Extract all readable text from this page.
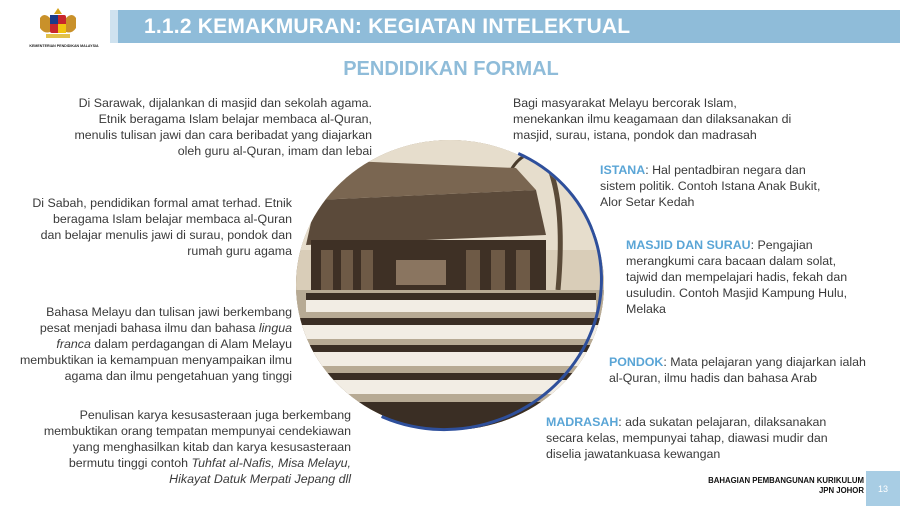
KEMENTERIAN PENDIDIKAN MALAYSIA
1.1.2 KEMAKMURAN: KEGIATAN INTELEKTUAL
PENDIDIKAN FORMAL
Di Sarawak, dijalankan di masjid dan sekolah agama. Etnik beragama Islam belajar membaca al-Quran, menulis tulisan jawi dan cara beribadat yang diajarkan oleh guru al-Quran, imam dan lebai
Di Sabah, pendidikan formal amat terhad. Etnik beragama Islam belajar membaca al-Quran dan belajar menulis jawi di surau, pondok dan rumah guru agama
Bahasa Melayu dan tulisan jawi berkembang pesat menjadi bahasa ilmu dan bahasa lingua franca dalam perdagangan di Alam Melayu membuktikan ia kemampuan menyampaikan ilmu agama dan ilmu pengetahuan yang tinggi
Penulisan karya kesusasteraan juga berkembang membuktikan orang tempatan mempunyai cendekiawan yang menghasilkan kitab dan karya kesusasteraan bermutu tinggi contoh Tuhfat al-Nafis, Misa Melayu, Hikayat Datuk Merpati Jepang dll
Bagi masyarakat Melayu bercorak Islam, menekankan ilmu keagamaan dan dilaksanakan di masjid, surau, istana, pondok dan madrasah
ISTANA: Hal pentadbiran negara dan sistem politik. Contoh Istana Anak Bukit, Alor Setar Kedah
MASJID DAN SURAU: Pengajian merangkumi cara bacaan dalam solat, tajwid dan mempelajari hadis, fekah dan usuludin. Contoh Masjid Kampung Hulu, Melaka
PONDOK: Mata pelajaran yang diajarkan ialah al-Quran, ilmu hadis dan bahasa Arab
MADRASAH: ada sukatan pelajaran, dilaksanakan secara kelas, mempunyai tahap, diawasi mudir dan diselia jawatankuasa kewangan
BAHAGIAN PEMBANGUNAN KURIKULUM
JPN JOHOR	13
